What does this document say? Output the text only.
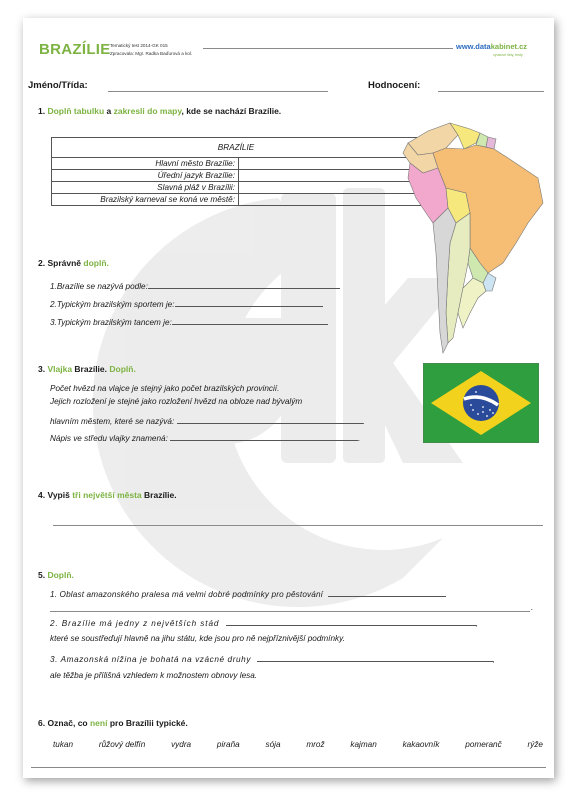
BRAZÍLIE Tematický test 2014-GK 015
Zpracovala: Mgr. Radka Baďurová a kol.
www.datakabinet.cz
výukové listy, testy
Jméno/Třída:	Hodnocení:
1. Doplň tabulku a zakresli do mapy, kde se nachází Brazílie.
BRAZÍLIE	
Hlavní město Brazílie:	
Úřední jazyk Brazílie:	
Slavná pláž v Brazílii:	
Brazilský karneval se koná ve městě:	
2. Správně doplň.
1.Brazílie se nazývá podle:
2.Typickým brazilským sportem je:
3.Typickým brazilským tancem je:
3. Vlajka Brazílie. Doplň.
Počet hvězd na vlajce je stejný jako počet brazilských provincií.
Jejich rozložení je stejné jako rozložení hvězd na obloze nad bývalým
hlavním městem, které se nazývá:	.
Nápis ve středu vlajky znamená:	.
4. Vypiš tři největší města Brazílie.
5. Doplň.
1. Oblast amazonského pralesa má velmi dobré podmínky pro pěstování
.
2. Brazílie má jedny z největších stád	,
které se soustřeďují hlavně na jihu státu, kde jsou pro ně nejpříznivější podmínky.
3. Amazonská nížina je bohatá na vzácné druhy	,
ale těžba je přílišná vzhledem k možnostem obnovy lesa.
6. Označ, co není pro Brazílii typické.
tukan	růžový delfín	vydra	piraňa	sója	mrož	kajman	kakaovník	pomeranč	rýže
